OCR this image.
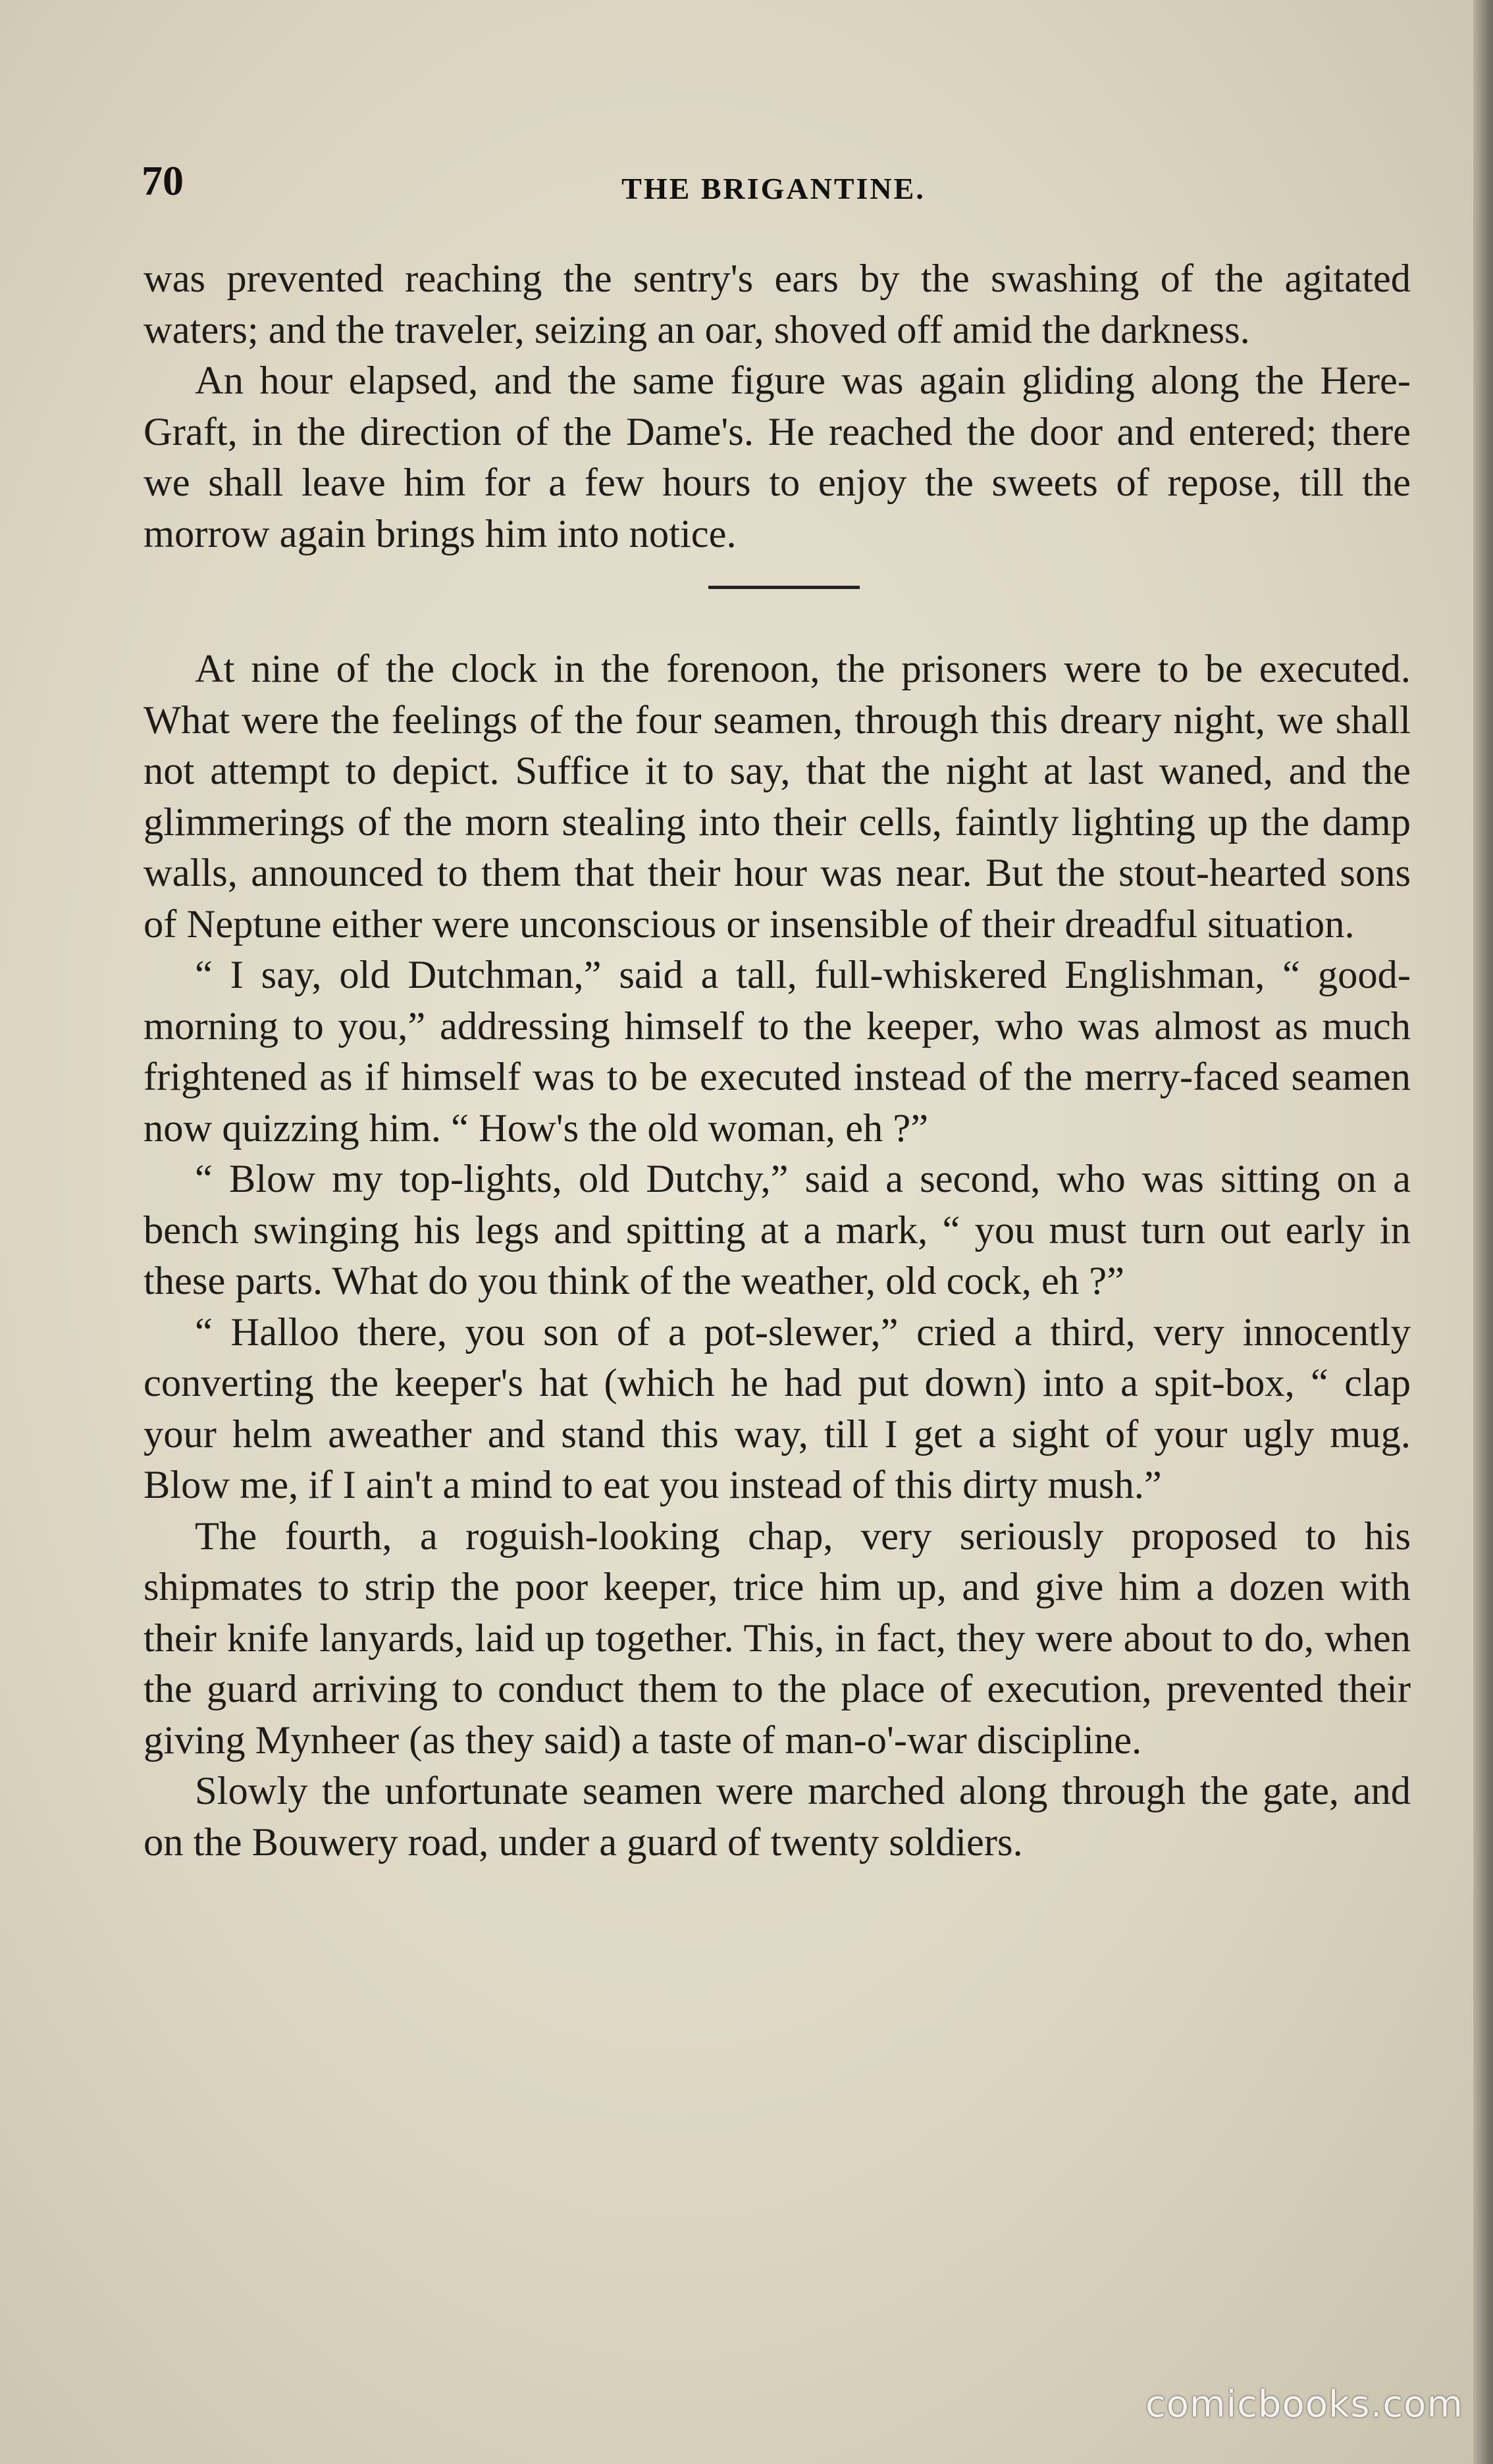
70	THE BRIGANTINE.

was prevented reaching the sentry's ears by the swashing of the agitated waters; and the traveler, seizing an oar, shoved off amid the darkness.

An hour elapsed, and the same figure was again gliding along the Here-Graft, in the direction of the Dame's. He reached the door and entered; there we shall leave him for a few hours to enjoy the sweets of repose, till the morrow again brings him into notice.

At nine of the clock in the forenoon, the prisoners were to be executed. What were the feelings of the four seamen, through this dreary night, we shall not attempt to depict. Suffice it to say, that the night at last waned, and the glimmerings of the morn stealing into their cells, faintly lighting up the damp walls, announced to them that their hour was near. But the stout-hearted sons of Neptune either were unconscious or insensible of their dreadful situation.

“ I say, old Dutchman,” said a tall, full-whiskered Englishman, “ good-morning to you,” addressing himself to the keeper, who was almost as much frightened as if himself was to be executed instead of the merry-faced seamen now quizzing him. “ How's the old woman, eh ?”

“ Blow my top-lights, old Dutchy,” said a second, who was sitting on a bench swinging his legs and spitting at a mark, “ you must turn out early in these parts. What do you think of the weather, old cock, eh ?”

“ Halloo there, you son of a pot-slewer,” cried a third, very innocently converting the keeper's hat (which he had put down) into a spit-box, “ clap your helm aweather and stand this way, till I get a sight of your ugly mug. Blow me, if I ain't a mind to eat you instead of this dirty mush.”

The fourth, a roguish-looking chap, very seriously proposed to his shipmates to strip the poor keeper, trice him up, and give him a dozen with their knife lanyards, laid up together. This, in fact, they were about to do, when the guard arriving to conduct them to the place of execution, prevented their giving Mynheer (as they said) a taste of man-o'-war discipline.

Slowly the unfortunate seamen were marched along through the gate, and on the Bouwery road, under a guard of twenty soldiers.

comicbooks.com
